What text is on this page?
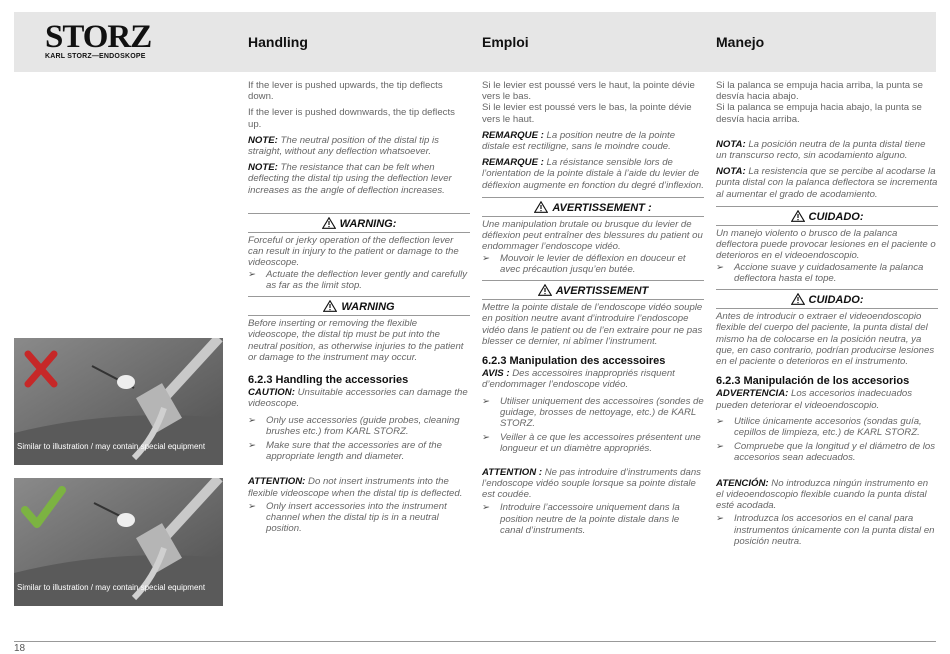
STORZ
KARL STORZ—ENDOSKOPE
Handling	Emploi	Manejo
Similar to illustration / may contain special equipment
Similar to illustration / may contain special equipment

If the lever is pushed upwards, the tip deflects down.

If the lever is pushed downwards, the tip deflects up.

NOTE: The neutral position of the distal tip is straight, without any deflection whatsoever.

NOTE: The resistance that can be felt when deflecting the distal tip using the deflection lever increases as the angle of deflection increases.

WARNING:
Forceful or jerky operation of the deflection lever can result in injury to the patient or damage to the videoscope.
➢ Actuate the deflection lever gently and carefully as far as the limit stop.
WARNING
Before inserting or removing the flexible videoscope, the distal tip must be put into the neutral position, as otherwise injuries to the patient or damage to the instrument may occur.
6.2.3 Handling the accessories

CAUTION: Unsuitable accessories can damage the videoscope.

➢ Only use accessories (guide probes, cleaning brushes etc.) from KARL STORZ.
➢ Make sure that the accessories are of the appropriate length and diameter.

ATTENTION: Do not insert instruments into the flexible videoscope when the distal tip is deflected.

➢ Only insert accessories into the instrument channel when the distal tip is in a neutral position.

Si le levier est poussé vers le haut, la pointe dévie vers le bas.

Si le levier est poussé vers le bas, la pointe dévie vers le haut.

REMARQUE : La position neutre de la pointe distale est rectiligne, sans le moindre coude.

REMARQUE : La résistance sensible lors de l’orientation de la pointe distale à l’aide du levier de déflexion augmente en fonction du degré d’inflexion.

AVERTISSEMENT :
Une manipulation brutale ou brusque du levier de déflexion peut entraîner des blessures du patient ou endommager l’endoscope vidéo.
➢ Mouvoir le levier de déflexion en douceur et avec précaution jusqu’en butée.
AVERTISSEMENT
Mettre la pointe distale de l’endoscope vidéo souple en position neutre avant d’introduire l’endoscope vidéo dans le patient ou de l’en extraire pour ne pas blesser ce dernier, ni abîmer l’instrument.
6.2.3 Manipulation des accessoires

AVIS : Des accessoires inappropriés risquent d’endommager l’endoscope vidéo.

➢ Utiliser uniquement des accessoires (sondes de guidage, brosses de nettoyage, etc.) de KARL STORZ.
➢ Veiller à ce que les accessoires présentent une longueur et un diamètre appropriés.

ATTENTION : Ne pas introduire d’instruments dans l’endoscope vidéo souple lorsque sa pointe distale est coudée.

➢ Introduire l’accessoire uniquement dans la position neutre de la pointe distale dans le canal d’instruments.

Si la palanca se empuja hacia arriba, la punta se desvía hacia abajo.

Si la palanca se empuja hacia abajo, la punta se desvía hacia arriba.

NOTA: La posición neutra de la punta distal tiene un transcurso recto, sin acodamiento alguno.

NOTA: La resistencia que se percibe al acodarse la punta distal con la palanca deflectora se incrementa al aumentar el grado de acodamiento.

CUIDADO:
Un manejo violento o brusco de la palanca deflectora puede provocar lesiones en el paciente o deterioros en el videoendoscopio.
➢ Accione suave y cuidadosamente la palanca deflectora hasta el tope.
CUIDADO:
Antes de introducir o extraer el videoendoscopio flexible del cuerpo del paciente, la punta distal del mismo ha de colocarse en la posición neutra, ya que, en caso contrario, podrían producirse lesiones en el paciente o deterioros en el instrumento.
6.2.3 Manipulación de los accesorios

ADVERTENCIA: Los accesorios inadecuados pueden deteriorar el videoendoscopio.

➢ Utilice únicamente accesorios (sondas guía, cepillos de limpieza, etc.) de KARL STORZ.
➢ Compruebe que la longitud y el diámetro de los accesorios sean adecuados.

ATENCIÓN: No introduzca ningún instrumento en el videoendoscopio flexible cuando la punta distal esté acodada.

➢ Introduzca los accesorios en el canal para instrumentos únicamente con la punta distal en posición neutra.
18
